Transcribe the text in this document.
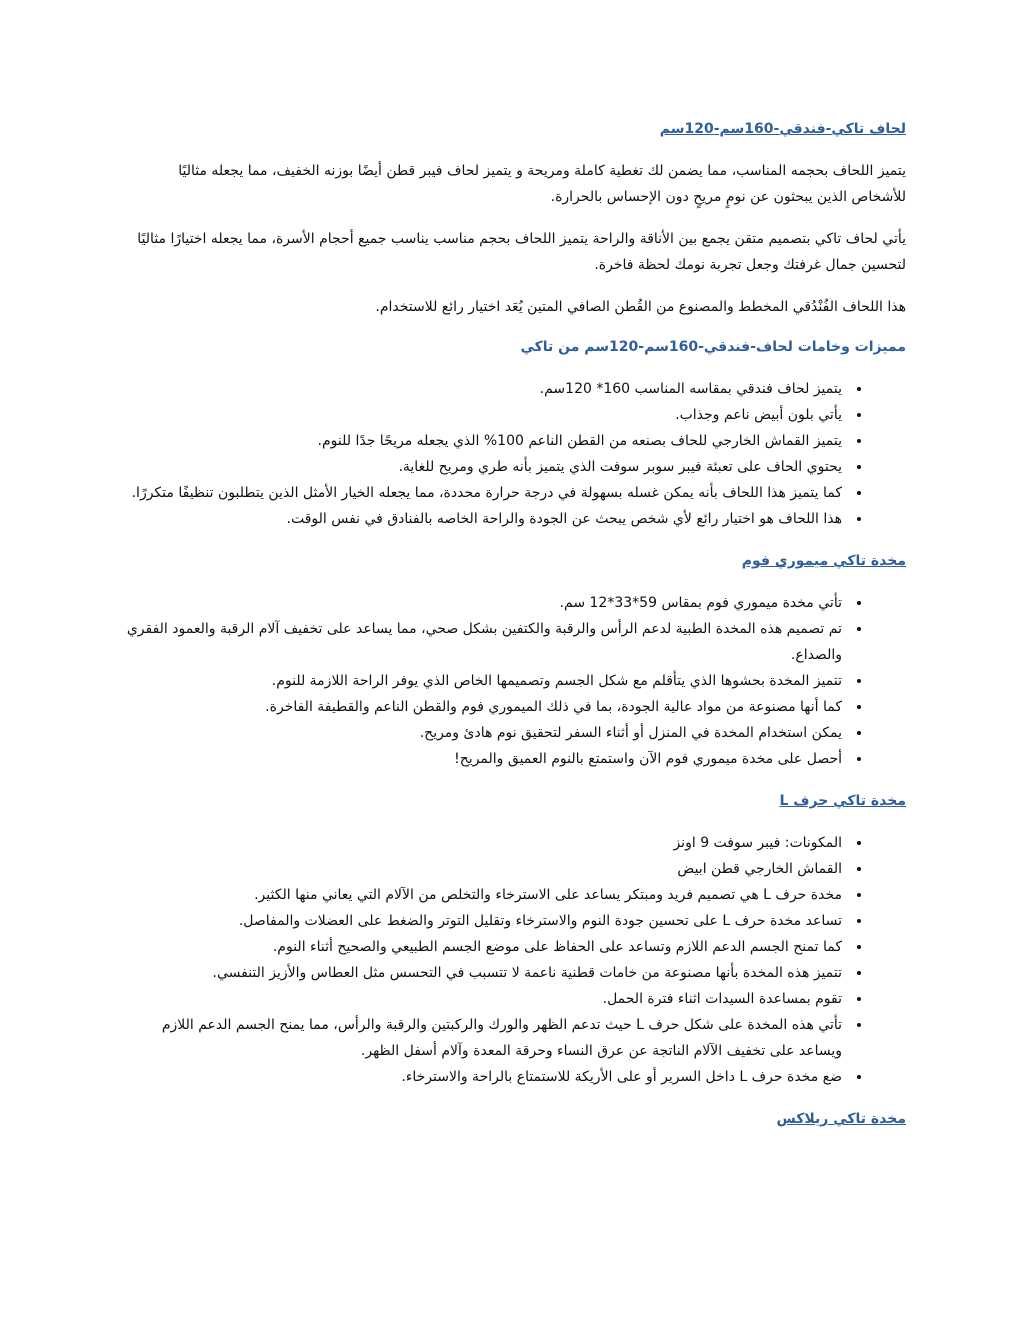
لحاف تاكي-فندقي-160سم-120سم

يتميز اللحاف بحجمه المناسب، مما يضمن لك تغطية كاملة ومريحة و يتميز لحاف فيبر قطن أيضًا بوزنه الخفيف، مما يجعله مثاليًا للأشخاص الذين يبحثون عن نومٍ مريحٍ دون الإحساس بالحرارة.

يأتي لحاف تاكي بتصميم متقن يجمع بين الأناقة والراحة يتميز اللحاف بحجم مناسب يناسب جميع أحجام الأسرة، مما يجعله اختيارًا مثاليًا لتحسين جمال غرفتك وجعل تجربة نومك لحظة فاخرة.

هذا اللحاف الفُنْدُقي المخطط والمصنوع من القُطن الصافي المتين يُعَد اختيار رائع للاستخدام.

مميزات وخامات لحاف-فندقي-160سم-120سم من تاكي
• يتميز لحاف فندقي بمقاسه المناسب 160* 120سم.
• يأتي بلون أبيض ناعم وجذاب.
• يتميز القماش الخارجي للحاف بصنعه من القطن الناعم 100% الذي يجعله مريحًا جدًا للنوم.
• يحتوي الحاف على تعبئة فيبر سوبر سوفت الذي يتميز بأنه طري ومريح للغاية.
• كما يتميز هذا اللحاف بأنه يمكن غسله بسهولة في درجة حرارة محددة، مما يجعله الخيار الأمثل الذين يتطلبون تنظيفًا متكررًا.
• هذا اللحاف هو اختيار رائع لأي شخص يبحث عن الجودة والراحة الخاصه بالفنادق في نفس الوقت.
مخدة تاكي ميموري فوم
• تأتي مخدة ميموري فوم بمقاس 59*33*12 سم.
• تم تصميم هذه المخدة الطبية لدعم الرأس والرقبة والكتفين بشكل صحي، مما يساعد على تخفيف آلام الرقبة والعمود الفقري والصداع.
• تتميز المخدة بحشوها الذي يتأقلم مع شكل الجسم وتصميمها الخاص الذي يوفر الراحة اللازمة للنوم.
• كما أنها مصنوعة من مواد عالية الجودة، بما في ذلك الميموري فوم والقطن الناعم والقطيفة الفاخرة.
• يمكن استخدام المخدة في المنزل أو أثناء السفر لتحقيق نوم هادئ ومريح.
• أحصل على مخدة ميموري فوم الآن واستمتع بالنوم العميق والمريح!
مخدة تاكي حرف L
• المكونات: فيبر سوفت 9 اونز
• القماش الخارجي قطن ابيض
• مخدة حرف L هي تصميم فريد ومبتكر يساعد على الاسترخاء والتخلص من الآلام التي يعاني منها الكثير.
• تساعد مخدة حرف L على تحسين جودة النوم والاسترخاء وتقليل التوتر والضغط على العضلات والمفاصل.
• كما تمنح الجسم الدعم اللازم وتساعد على الحفاظ على موضع الجسم الطبيعي والصحيح أثناء النوم.
• تتميز هذه المخدة بأنها مصنوعة من خامات قطنية ناعمة لا تتسبب في التحسس مثل العطاس والأزيز التنفسي.
• تقوم بمساعدة السيدات اثناء فترة الحمل.
• تأتي هذه المخدة على شكل حرف L حيث تدعم الظهر والورك والركبتين والرقبة والرأس، مما يمنح الجسم الدعم اللازم ويساعد على تخفيف الآلام الناتجة عن عرق النساء وحرقة المعدة وآلام أسفل الظهر.
• ضع مخدة حرف L داخل السرير أو على الأريكة للاستمتاع بالراحة والاسترخاء.
مخدة تاكي ريلاكس
